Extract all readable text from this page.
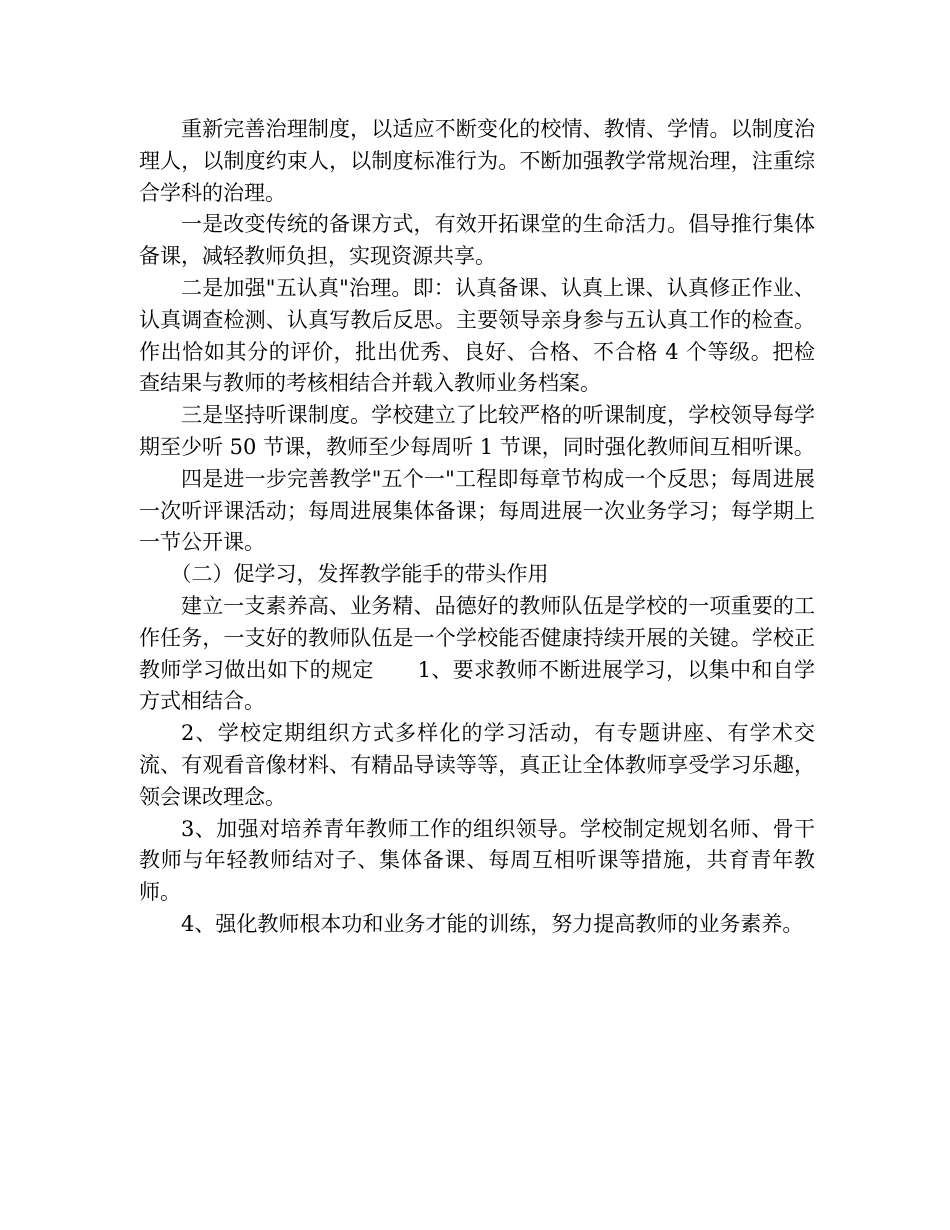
重新完善治理制度，以适应不断变化的校情、教情、学情。以制度治理人，以制度约束人，以制度标准行为。不断加强教学常规治理，注重综合学科的治理。

一是改变传统的备课方式，有效开拓课堂的生命活力。倡导推行集体备课，减轻教师负担，实现资源共享。

二是加强"五认真"治理。即：认真备课、认真上课、认真修正作业、认真调查检测、认真写教后反思。主要领导亲身参与五认真工作的检查。作出恰如其分的评价，批出优秀、良好、合格、不合格 4 个等级。把检查结果与教师的考核相结合并载入教师业务档案。

三是坚持听课制度。学校建立了比较严格的听课制度，学校领导每学期至少听 50 节课，教师至少每周听 1 节课，同时强化教师间互相听课。

四是进一步完善教学"五个一"工程即每章节构成一个反思；每周进展一次听评课活动；每周进展集体备课；每周进展一次业务学习；每学期上一节公开课。

（二）促学习，发挥教学能手的带头作用

建立一支素养高、业务精、品德好的教师队伍是学校的一项重要的工作任务，一支好的教师队伍是一个学校能否健康持续开展的关键。学校正教师学习做出如下的规定 1、要求教师不断进展学习，以集中和自学方式相结合。

2、学校定期组织方式多样化的学习活动，有专题讲座、有学术交流、有观看音像材料、有精品导读等等，真正让全体教师享受学习乐趣，领会课改理念。

3、加强对培养青年教师工作的组织领导。学校制定规划名师、骨干教师与年轻教师结对子、集体备课、每周互相听课等措施，共育青年教师。

4、强化教师根本功和业务才能的训练，努力提高教师的业务素养。
